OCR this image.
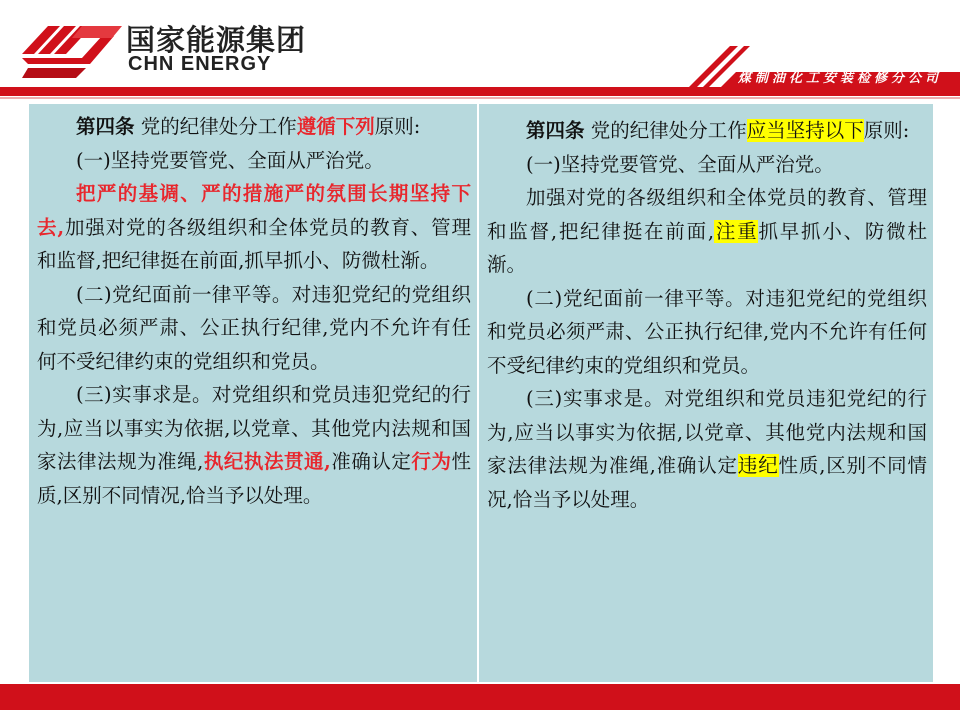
国家能源集团
CHN ENERGY
煤制油化工安装检修分公司

第四条 党的纪律处分工作遵循下列原则:

(一)坚持党要管党、全面从严治党。

把严的基调、严的措施严的氛围长期坚持下去,加强对党的各级组织和全体党员的教育、管理和监督,把纪律挺在前面,抓早抓小、防微杜渐。

(二)党纪面前一律平等。对违犯党纪的党组织和党员必须严肃、公正执行纪律,党内不允许有任何不受纪律约束的党组织和党员。

(三)实事求是。对党组织和党员违犯党纪的行为,应当以事实为依据,以党章、其他党内法规和国家法律法规为准绳,执纪执法贯通,准确认定行为性质,区别不同情况,恰当予以处理。

第四条 党的纪律处分工作应当坚持以下原则:

(一)坚持党要管党、全面从严治党。

加强对党的各级组织和全体党员的教育、管理和监督,把纪律挺在前面,注重抓早抓小、防微杜渐。

(二)党纪面前一律平等。对违犯党纪的党组织和党员必须严肃、公正执行纪律,党内不允许有任何不受纪律约束的党组织和党员。

(三)实事求是。对党组织和党员违犯党纪的行为,应当以事实为依据,以党章、其他党内法规和国家法律法规为准绳,准确认定违纪性质,区别不同情况,恰当予以处理。
